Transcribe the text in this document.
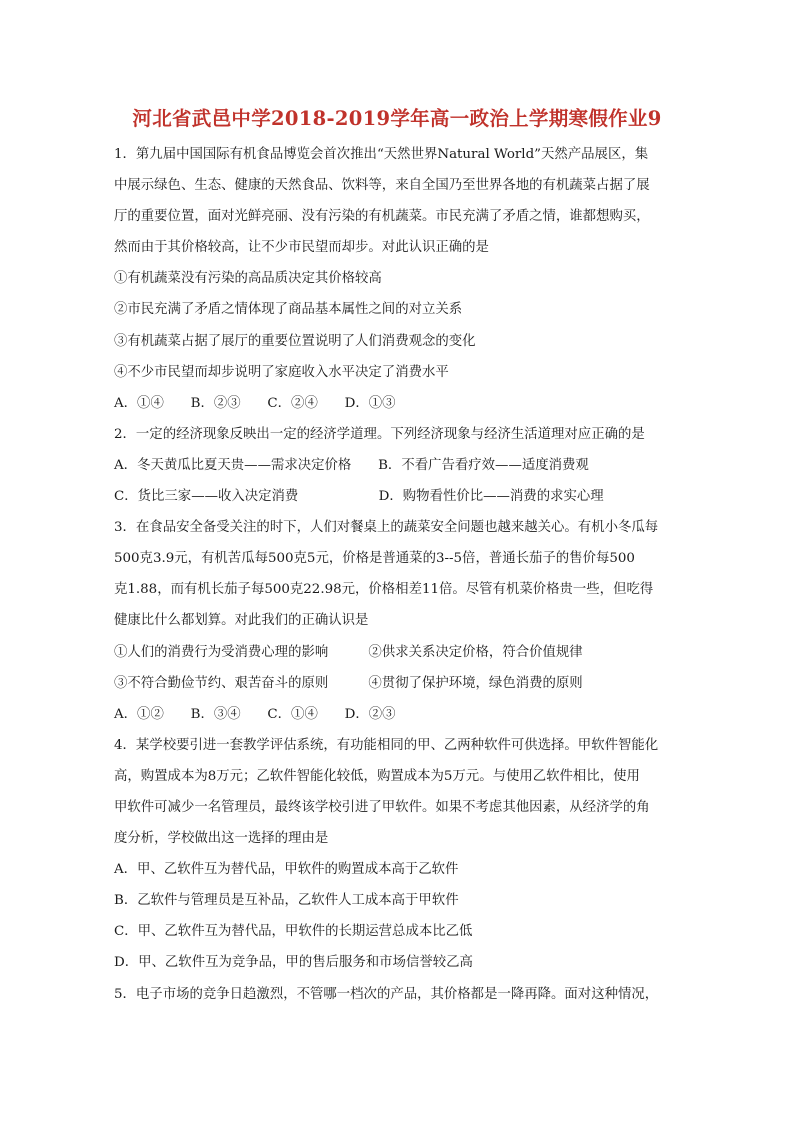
河北省武邑中学2018-2019学年高一政治上学期寒假作业9
1．第九届中国国际有机食品博览会首次推出“天然世界Natural World”天然产品展区，集
中展示绿色、生态、健康的天然食品、饮料等，来自全国乃至世界各地的有机蔬菜占据了展
厅的重要位置，面对光鲜亮丽、没有污染的有机蔬菜。市民充满了矛盾之情，谁都想购买，
然而由于其价格较高，让不少市民望而却步。对此认识正确的是
①有机蔬菜没有污染的高品质决定其价格较高
②市民充满了矛盾之情体现了商品基本属性之间的对立关系
③有机蔬菜占据了展厅的重要位置说明了人们消费观念的变化
④不少市民望而却步说明了家庭收入水平决定了消费水平
A．①④　　B．②③　　C．②④　　D．①③
2．一定的经济现象反映出一定的经济学道理。下列经济现象与经济生活道理对应正确的是
A．冬天黄瓜比夏天贵——需求决定价格　　B．不看广告看疗效——适度消费观
C．货比三家——收入决定消费　　　　　　D．购物看性价比——消费的求实心理
3．在食品安全备受关注的时下，人们对餐桌上的蔬菜安全问题也越来越关心。有机小冬瓜每
500克3.9元，有机苦瓜每500克5元，价格是普通菜的3--5倍，普通长茄子的售价每500
克1.88，而有机长茄子每500克22.98元，价格相差11倍。尽管有机菜价格贵一些，但吃得
健康比什么都划算。对此我们的正确认识是
①人们的消费行为受消费心理的影响　　　②供求关系决定价格，符合价值规律
③不符合勤俭节约、艰苦奋斗的原则　　　④贯彻了保护环境，绿色消费的原则
A．①②　　B．③④　　C．①④　　D．②③
4．某学校要引进一套教学评估系统，有功能相同的甲、乙两种软件可供选择。甲软件智能化
高，购置成本为8万元；乙软件智能化较低，购置成本为5万元。与使用乙软件相比，使用
甲软件可减少一名管理员，最终该学校引进了甲软件。如果不考虑其他因素，从经济学的角
度分析，学校做出这一选择的理由是
A．甲、乙软件互为替代品，甲软件的购置成本高于乙软件
B．乙软件与管理员是互补品，乙软件人工成本高于甲软件
C．甲、乙软件互为替代品，甲软件的长期运营总成本比乙低
D．甲、乙软件互为竞争品，甲的售后服务和市场信誉较乙高
5．电子市场的竞争日趋激烈，不管哪一档次的产品，其价格都是一降再降。面对这种情况，
